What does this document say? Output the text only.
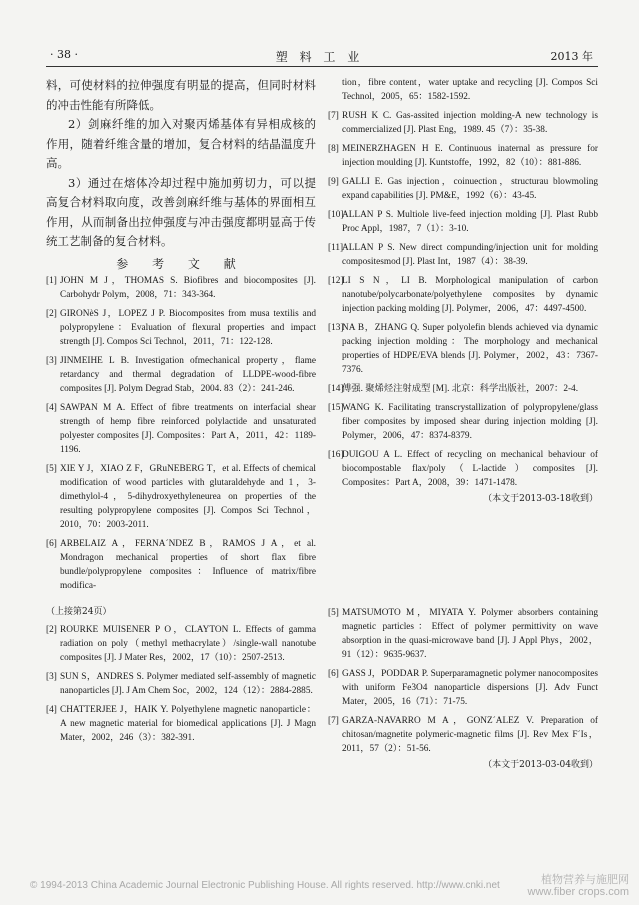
· 38 ·	塑 料 工 业	2013 年

料，可使材料的拉伸强度有明显的提高，但同时材料的冲击性能有所降低。

2）剑麻纤维的加入对聚丙烯基体有异相成核的作用，随着纤维含量的增加，复合材料的结晶温度升高。

3）通过在熔体冷却过程中施加剪切力，可以提高复合材料取向度，改善剑麻纤维与基体的界面相互作用，从而制备出拉伸强度与冲击强度都明显高于传统工艺制备的复合材料。

参 考 文 献
[1] JOHN M J，THOMAS S. Biofibres and biocomposites [J]. Carbohydr Polym，2008，71：343-364.
[2] GIRONèS J，LOPEZ J P. Biocomposites from musa textilis and polypropylene：Evaluation of flexural properties and impact strength [J]. Compos Sci Technol，2011，71：122-128.
[3] JINMEIHE L B. Investigation ofmechanical property，flame retardancy and thermal degradation of LLDPE-wood-fibre composites [J]. Polym Degrad Stab，2004. 83（2）：241-246.
[4] SAWPAN M A. Effect of fibre treatments on interfacial shear strength of hemp fibre reinforced polylactide and unsaturated polyester composites [J]. Composites：Part A，2011，42：1189-1196.
[5] XIE Y J，XIAO Z F，GRuNEBERG T，et al. Effects of chemical modification of wood particles with glutaraldehyde and 1，3-dimethylol-4，5-dihydroxyethyleneurea on properties of the resulting polypropylene composites [J]. Compos Sci Technol，2010，70：2003-2011.
[6] ARBELAIZ A，FERNA´NDEZ B，RAMOS J A，et al. Mondragon mechanical properties of short flax fibre bundle/polypropylene composites：Influence of matrix/fibre modifica-
tion，fibre content，water uptake and recycling [J]. Compos Sci Technol，2005，65：1582-1592.
[7] RUSH K C. Gas-assited injection molding-A new technology is commercialized [J]. Plast Eng，1989. 45（7）：35-38.
[8] MEINERZHAGEN H E. Continuous inaternal as pressure for injection moulding [J]. Kuntstoffe，1992，82（10）：881-886.
[9] GALLI E. Gas injection，coinuection，structurau blowmoling expand capabilities [J]. PM&E，1992（6）：43-45.
[10]
ALLAN P S. Multiole live-feed injection molding [J]. Plast Rubb Proc Appl，1987，7（1）：3-10.
[11]
ALLAN P S. New direct compunding/injection unit for molding compositesmod [J]. Plast Int，1987（4）：38-39.
[12]
LI S N，LI B. Morphological manipulation of carbon nanotube/polycarbonate/polyethylene composites by dynamic injection packing molding [J]. Polymer，2006，47：4497-4500.
[13]
NA B，ZHANG Q. Super polyolefin blends achieved via dynamic packing injection molding：The morphology and mechanical properties of HDPE/EVA blends [J]. Polymer，2002，43：7367-7376.
[14]
傅强. 聚烯烃注射成型 [M]. 北京：科学出版社，2007：2-4.
[15]
WANG K. Facilitating transcrystallization of polypropylene/glass fiber composites by imposed shear during injection molding [J]. Polymer，2006，47：8374-8379.
[16]
DUIGOU A L. Effect of recycling on mechanical behaviour of biocompostable flax/poly（L-lactide）composites [J]. Composites：Part A，2008，39：1471-1478.
（本文于2013-03-18收到）
（上接第24页）
[2] ROURKE MUISENER P O，CLAYTON L. Effects of gamma radiation on poly（methyl methacrylate）/single-wall nanotube composites [J]. J Mater Res，2002，17（10）：2507-2513.
[3] SUN S，ANDRES S. Polymer mediated self-assembly of magnetic nanoparticles [J]. J Am Chem Soc，2002，124（12）：2884-2885.
[4] CHATTERJEE J，HAIK Y. Polyethylene magnetic nanoparticle：A new magnetic material for biomedical applications [J]. J Magn Mater，2002，246（3）：382-391.
[5] MATSUMOTO M，MIYATA Y. Polymer absorbers containing magnetic particles：Effect of polymer permittivity on wave absorption in the quasi-microwave band [J]. J Appl Phys，2002，91（12）：9635-9637.
[6] GASS J，PODDAR P. Superparamagnetic polymer nanocomposites with uniform Fe3O4 nanoparticle dispersions [J]. Adv Funct Mater，2005，16（71）：71-75.
[7] GARZA-NAVARRO M A，GONZ´ALEZ V. Preparation of chitosan/magnetite polymeric-magnetic films [J]. Rev Mex F´Is，2011，57（2）：51-56.
（本文于2013-03-04收到）
© 1994-2013 China Academic Journal Electronic Publishing House. All rights reserved. http://www.cnki.net	植物营养与施肥网
www.fiber crops.com
